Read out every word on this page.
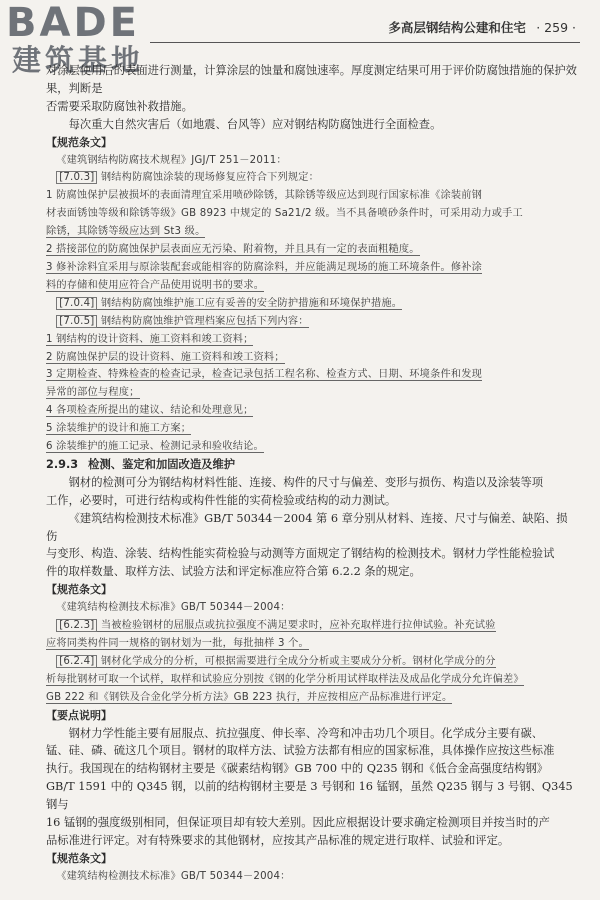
BADE
建筑基地
多高层钢结构公建和住宅 · 259 ·

对涂层使用后的表面进行测量，计算涂层的蚀量和腐蚀速率。厚度测定结果可用于评价防腐蚀措施的保护效果，判断是

否需要采取防腐蚀补救措施。

每次重大自然灾害后（如地震、台风等）应对钢结构防腐蚀进行全面检查。

【规范条文】

《建筑钢结构防腐技术规程》JGJ/T 251－2011：

[7.0.3] 钢结构防腐蚀涂装的现场修复应符合下列规定：

1 防腐蚀保护层被损坏的表面清理宜采用喷砂除锈，其除锈等级应达到现行国家标准《涂装前钢

材表面锈蚀等级和除锈等级》GB 8923 中规定的 Sa21/2 级。当不具备喷砂条件时，可采用动力或手工

除锈，其除锈等级应达到 St3 级。

2 搭接部位的防腐蚀保护层表面应无污染、附着物，并且具有一定的表面粗糙度。

3 修补涂料宜采用与原涂装配套或能相容的防腐涂料，并应能满足现场的施工环境条件。修补涂

料的存储和使用应符合产品使用说明书的要求。

[7.0.4] 钢结构防腐蚀维护施工应有妥善的安全防护措施和环境保护措施。

[7.0.5] 钢结构防腐蚀维护管理档案应包括下列内容：

1 钢结构的设计资料、施工资料和竣工资料；

2 防腐蚀保护层的设计资料、施工资料和竣工资料；

3 定期检查、特殊检查的检查记录，检查记录包括工程名称、检查方式、日期、环境条件和发现

异常的部位与程度；

4 各项检查所提出的建议、结论和处理意见；

5 涂装维护的设计和施工方案；

6 涂装维护的施工记录、检测记录和验收结论。

2.9.3 检测、鉴定和加固改造及维护

钢材的检测可分为钢结构材料性能、连接、构件的尺寸与偏差、变形与损伤、构造以及涂装等项

工作，必要时，可进行结构或构件性能的实荷检验或结构的动力测试。

《建筑结构检测技术标准》GB/T 50344－2004 第 6 章分别从材料、连接、尺寸与偏差、缺陷、损伤

与变形、构造、涂装、结构性能实荷检验与动测等方面规定了钢结构的检测技术。钢材力学性能检验试

件的取样数量、取样方法、试验方法和评定标准应符合第 6.2.2 条的规定。

【规范条文】

《建筑结构检测技术标准》GB/T 50344－2004：

[6.2.3] 当被检验钢材的屈服点或抗拉强度不满足要求时，应补充取样进行拉伸试验。补充试验

应将同类构件同一规格的钢材划为一批，每批抽样 3 个。

[6.2.4] 钢材化学成分的分析，可根据需要进行全成分分析或主要成分分析。钢材化学成分的分

析每批钢材可取一个试样，取样和试验应分别按《钢的化学分析用试样取样法及成品化学成分允许偏差》

GB 222 和《钢铁及合金化学分析方法》GB 223 执行，并应按相应产品标准进行评定。

【要点说明】

钢材力学性能主要有屈服点、抗拉强度、伸长率、冷弯和冲击功几个项目。化学成分主要有碳、

锰、硅、磷、硫这几个项目。钢材的取样方法、试验方法都有相应的国家标准，具体操作应按这些标准

执行。我国现在的结构钢材主要是《碳素结构钢》GB 700 中的 Q235 钢和《低合金高强度结构钢》

GB/T 1591 中的 Q345 钢，以前的结构钢材主要是 3 号钢和 16 锰钢，虽然 Q235 钢与 3 号钢、Q345 钢与

16 锰钢的强度级别相同，但保证项目却有较大差别。因此应根据设计要求确定检测项目并按当时的产

品标准进行评定。对有特殊要求的其他钢材，应按其产品标准的规定进行取样、试验和评定。

【规范条文】

《建筑结构检测技术标准》GB/T 50344－2004：
